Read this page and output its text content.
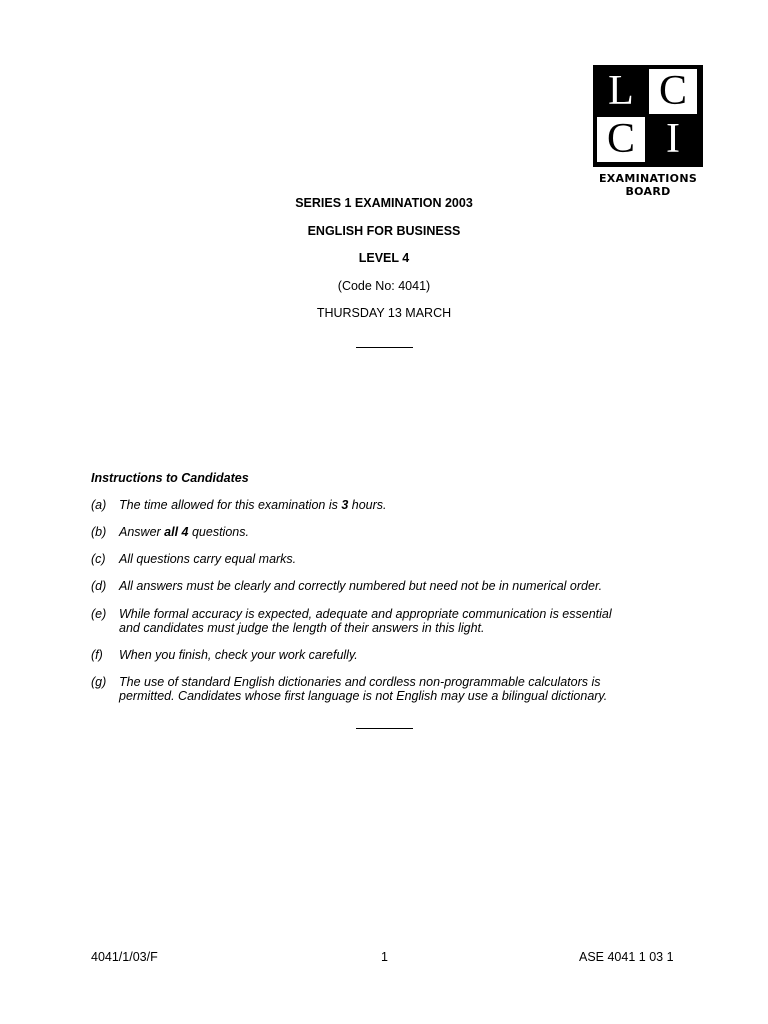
L C
C I
EXAMINATIONS
BOARD
SERIES 1 EXAMINATION 2003
ENGLISH FOR BUSINESS
LEVEL 4
(Code No: 4041)
THURSDAY 13 MARCH
Instructions to Candidates
(a) The time allowed for this examination is 3 hours.
(b) Answer all 4 questions.
(c) All questions carry equal marks.
(d) All answers must be clearly and correctly numbered but need not be in numerical order.
(e) While formal accuracy is expected, adequate and appropriate communication is essential
and candidates must judge the length of their answers in this light.
(f) When you finish, check your work carefully.
(g) The use of standard English dictionaries and cordless non-programmable calculators is
permitted. Candidates whose first language is not English may use a bilingual dictionary.
4041/1/03/F	1	ASE 4041 1 03 1
